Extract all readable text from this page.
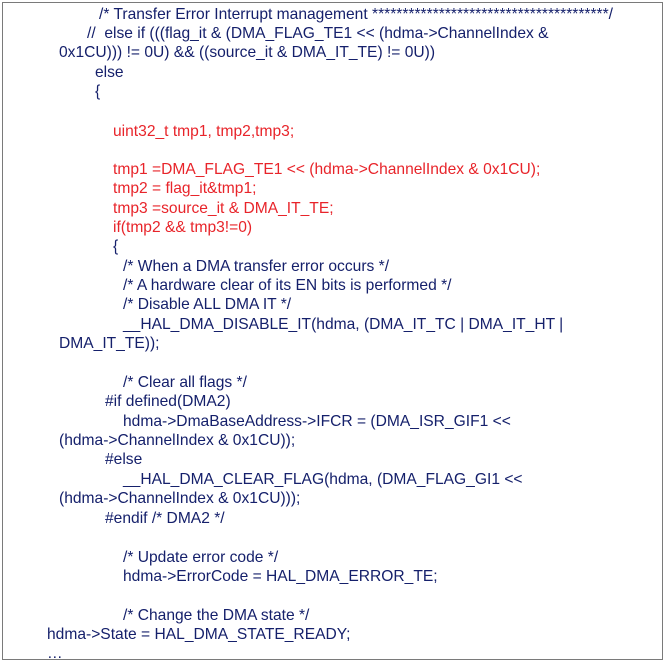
/* Transfer Error Interrupt management ***************************************/

//  else if (((flag_it & (DMA_FLAG_TE1 << (hdma->ChannelIndex &

0x1CU))) != 0U) && ((source_it & DMA_IT_TE) != 0U))

else

{

uint32_t tmp1, tmp2,tmp3;

tmp1 =DMA_FLAG_TE1 << (hdma->ChannelIndex & 0x1CU);

tmp2 = flag_it&tmp1;

tmp3 =source_it & DMA_IT_TE;

if(tmp2 && tmp3!=0)

{

/* When a DMA transfer error occurs */

/* A hardware clear of its EN bits is performed */

/* Disable ALL DMA IT */

__HAL_DMA_DISABLE_IT(hdma, (DMA_IT_TC | DMA_IT_HT |

DMA_IT_TE));

/* Clear all flags */

#if defined(DMA2)

hdma->DmaBaseAddress->IFCR = (DMA_ISR_GIF1 <<

(hdma->ChannelIndex & 0x1CU));

#else

__HAL_DMA_CLEAR_FLAG(hdma, (DMA_FLAG_GI1 <<

(hdma->ChannelIndex & 0x1CU)));

#endif /* DMA2 */

/* Update error code */

hdma->ErrorCode = HAL_DMA_ERROR_TE;

/* Change the DMA state */

hdma->State = HAL_DMA_STATE_READY;

…
